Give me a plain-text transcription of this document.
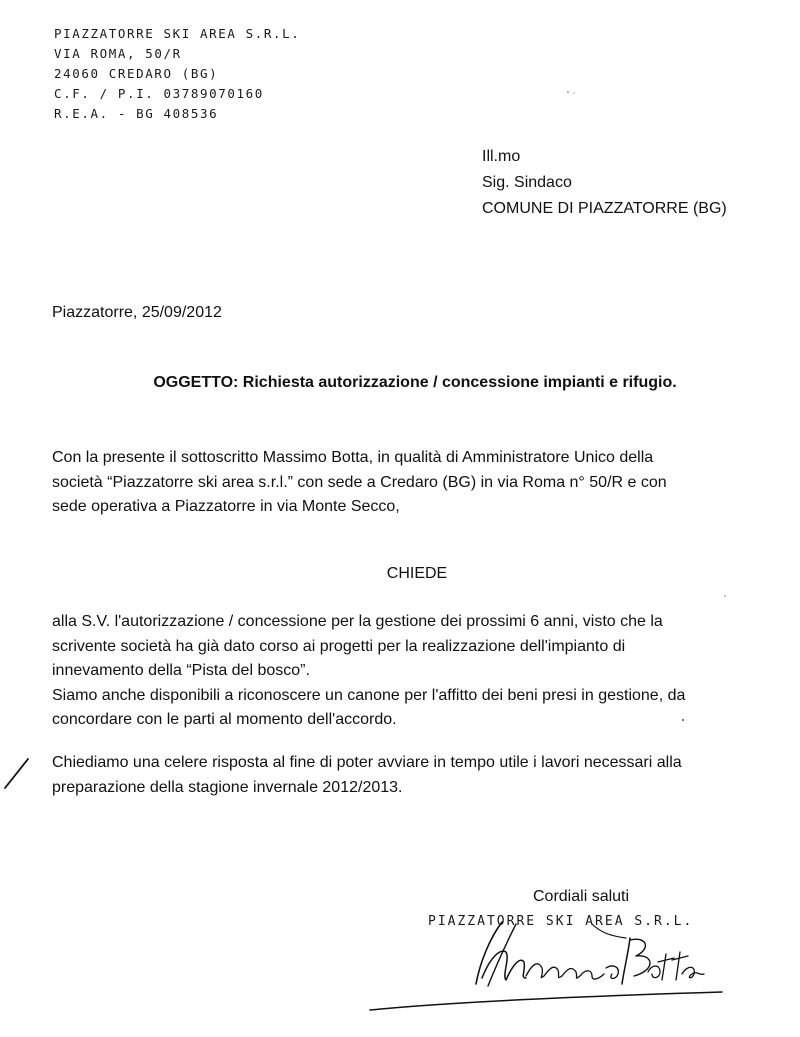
PIAZZATORRE SKI AREA S.R.L.
VIA ROMA, 50/R
24060 CREDARO (BG)
C.F. / P.I. 03789070160
R.E.A. - BG 408536
Ill.mo
Sig. Sindaco
COMUNE DI PIAZZATORRE (BG)
Piazzatorre, 25/09/2012
OGGETTO: Richiesta autorizzazione / concessione impianti e rifugio.
Con la presente il sottoscritto Massimo Botta, in qualità di Amministratore Unico della
società “Piazzatorre ski area s.r.l.” con sede a Credaro (BG) in via Roma n° 50/R e con
sede operativa a Piazzatorre in via Monte Secco,
CHIEDE
alla S.V. l'autorizzazione / concessione per la gestione dei prossimi 6 anni, visto che la
scrivente società ha già dato corso ai progetti per la realizzazione dell'impianto di
innevamento della “Pista del bosco”.
Siamo anche disponibili a riconoscere un canone per l'affitto dei beni presi in gestione, da
concordare con le parti al momento dell'accordo.
Chiediamo una celere risposta al fine di poter avviare in tempo utile i lavori necessari alla
preparazione della stagione invernale 2012/2013.
Cordiali saluti
PIAZZATORRE SKI AREA S.R.L.
